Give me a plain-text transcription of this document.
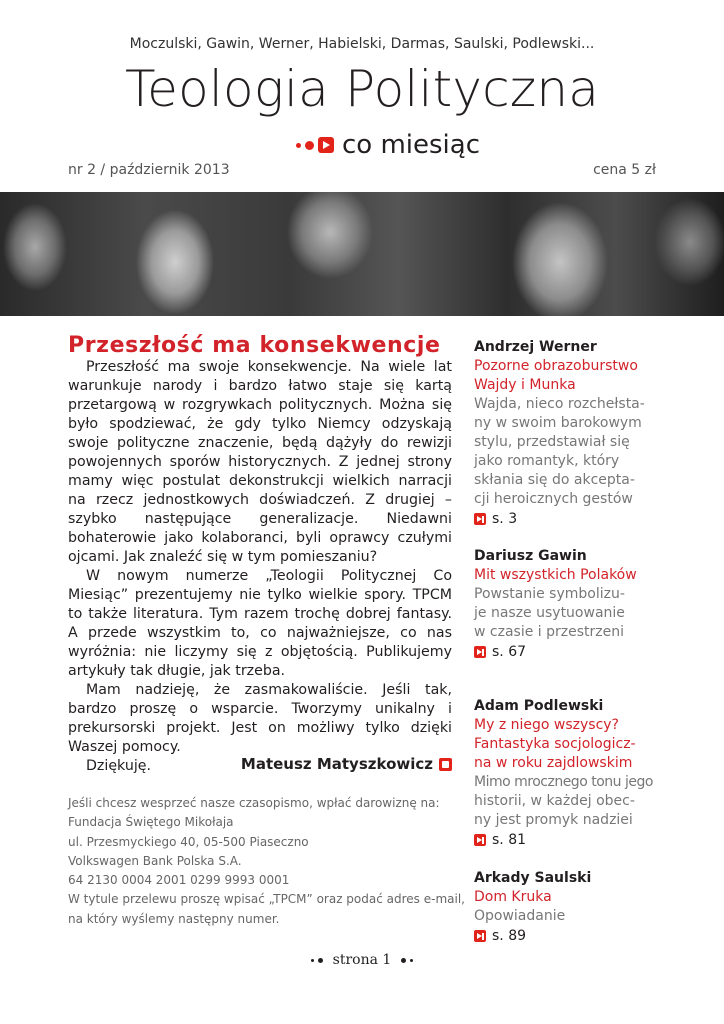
Moczulski, Gawin, Werner, Habielski, Darmas, Saulski, Podlewski...
Teologia Polityczna
co miesiąc
nr 2 / październik 2013	cena 5 zł
Przeszłość ma konsekwencje

Przeszłość ma swoje konsekwencje. Na wiele lat warunkuje narody i bardzo łatwo staje się kartą przetargową w rozgrywkach politycznych. Można się było spodziewać, że gdy tylko Niemcy odzyskają swoje polityczne znaczenie, będą dążyły do rewizji powojennych sporów historycznych. Z jednej strony mamy więc postulat dekonstrukcji wielkich narracji na rzecz jednostkowych doświadczeń. Z drugiej – szybko następujące generalizacje. Niedawni bohaterowie jako kolaboranci, byli oprawcy czułymi ojcami. Jak znaleźć się w tym pomieszaniu?

W nowym numerze „Teologii Politycznej Co Miesiąc” prezentujemy nie tylko wielkie spory. TPCM to także literatura. Tym razem trochę dobrej fantasy. A przede wszystkim to, co najważniejsze, co nas wyróżnia: nie liczymy się z objętością. Publikujemy artykuły tak długie, jak trzeba.

Mam nadzieję, że zasmakowaliście. Jeśli tak, bardzo proszę o wsparcie. Tworzymy unikalny i prekursorski projekt. Jest on możliwy tylko dzięki Waszej pomocy.

Dziękuję.	Mateusz Matyszkowicz
Jeśli chcesz wesprzeć nasze czasopismo, wpłać darowiznę na:
Fundacja Świętego Mikołaja
ul. Przesmyckiego 40, 05-500 Piaseczno
Volkswagen Bank Polska S.A.
64 2130 0004 2001 0299 9993 0001
W tytule przelewu proszę wpisać „TPCM” oraz podać adres e-mail,
na który wyślemy następny numer.
Andrzej Werner
Pozorne obrazoburstwo
Wajdy i Munka
Wajda, nieco rozchełsta-
ny w swoim barokowym
stylu, przedstawiał się
jako romantyk, który
skłania się do akcepta-
cji heroicznych gestów
s. 3
Dariusz Gawin
Mit wszystkich Polaków
Powstanie symbolizu-
je nasze usytuowanie
w czasie i przestrzeni
s. 67
Adam Podlewski
My z niego wszyscy?
Fantastyka socjologicz-
na w roku zajdlowskim
Mimo mrocznego tonu jego
historii, w każdej obec-
ny jest promyk nadziei
s. 81
Arkady Saulski
Dom Kruka
Opowiadanie
s. 89
strona 1
